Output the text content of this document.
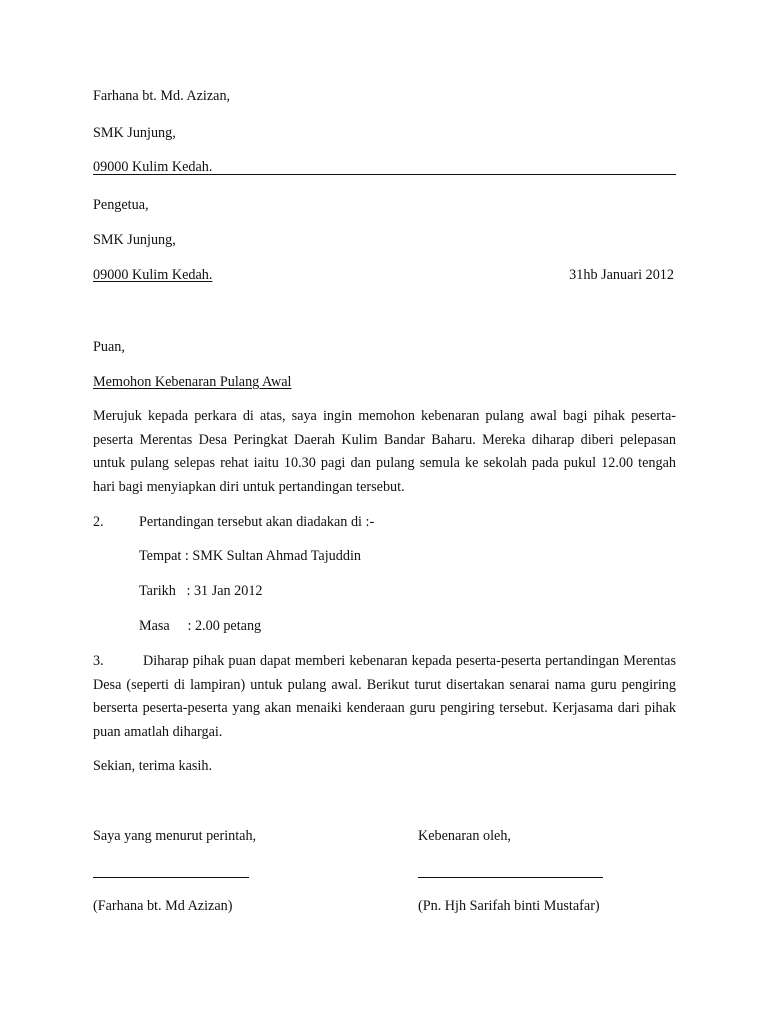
Farhana bt. Md. Azizan,
SMK Junjung,
09000 Kulim Kedah.
Pengetua,
SMK Junjung,
09000 Kulim Kedah.	31hb Januari 2012
Puan,
Memohon Kebenaran Pulang Awal
Merujuk kepada perkara di atas, saya ingin memohon kebenaran pulang awal bagi pihak peserta-peserta Merentas Desa Peringkat Daerah Kulim Bandar Baharu. Mereka diharap diberi pelepasan untuk pulang selepas rehat iaitu 10.30 pagi dan pulang semula ke sekolah pada pukul 12.00 tengah hari bagi menyiapkan diri untuk pertandingan tersebut.
2. Pertandingan tersebut akan diadakan di :-
Tempat : SMK Sultan Ahmad Tajuddin
Tarikh   : 31 Jan 2012
Masa     : 2.00 petang
3.	Diharap pihak puan dapat memberi kebenaran kepada peserta-peserta pertandingan Merentas Desa (seperti di lampiran) untuk pulang awal. Berikut turut disertakan senarai nama guru pengiring berserta peserta-peserta yang akan menaiki kenderaan guru pengiring tersebut. Kerjasama dari pihak puan amatlah dihargai.
Sekian, terima kasih.
Saya yang menurut perintah,
(Farhana bt. Md Azizan)
Kebenaran oleh,
(Pn. Hjh Sarifah binti Mustafar)
